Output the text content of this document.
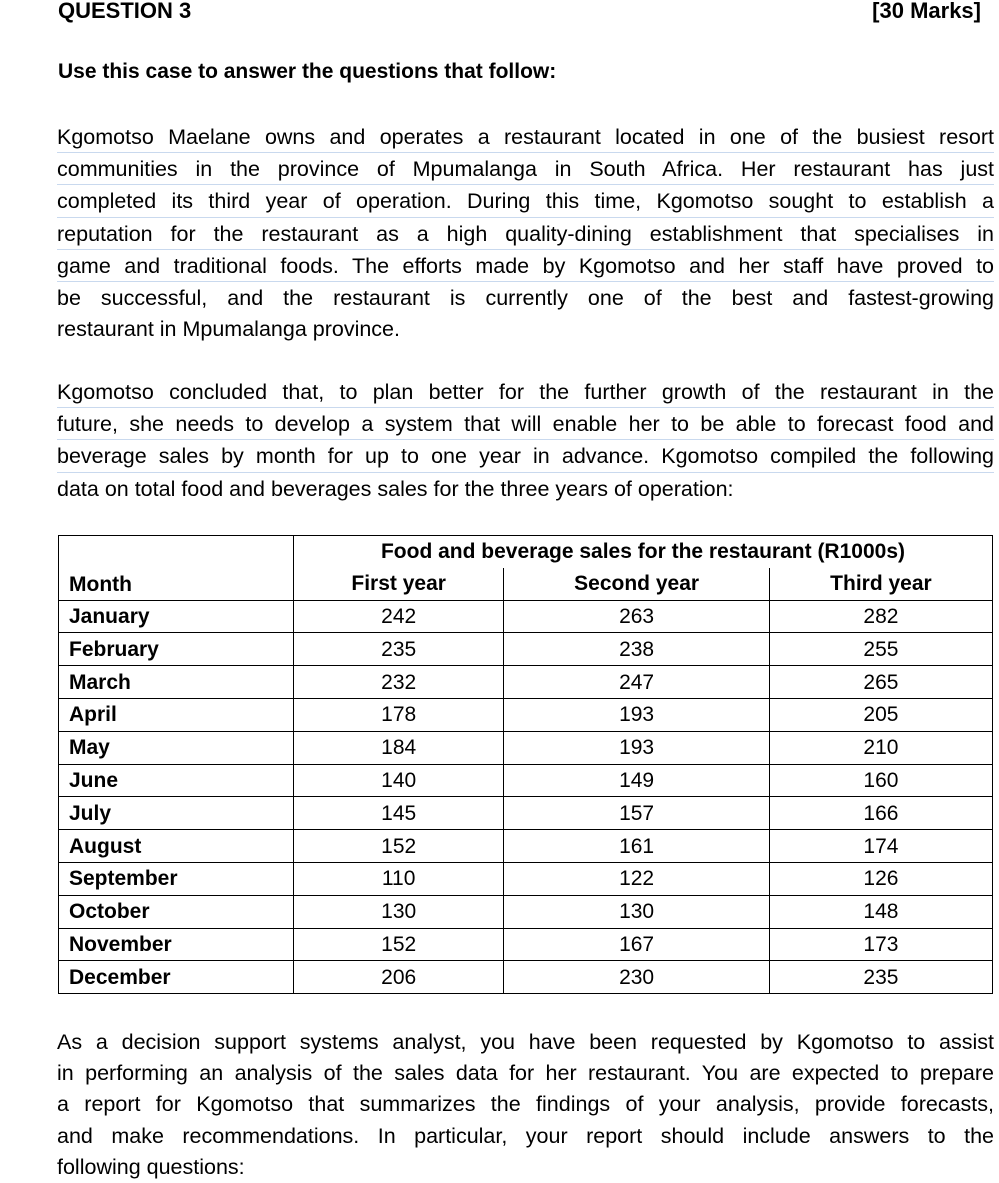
QUESTION 3	[30 Marks]
Use this case to answer the questions that follow:
Kgomotso Maelane owns and operates a restaurant located in one of the busiest resort
communities in the province of Mpumalanga in South Africa. Her restaurant has just
completed its third year of operation. During this time, Kgomotso sought to establish a
reputation for the restaurant as a high quality-dining establishment that specialises in
game and traditional foods. The efforts made by Kgomotso and her staff have proved to
be successful, and the restaurant is currently one of the best and fastest-growing
restaurant in Mpumalanga province.
Kgomotso concluded that, to plan better for the further growth of the restaurant in the
future, she needs to develop a system that will enable her to be able to forecast food and
beverage sales by month for up to one year in advance. Kgomotso compiled the following
data on total food and beverages sales for the three years of operation:
	Food and beverage sales for the restaurant (R1000s)		
Month	First year	Second year	Third year
January	242	263	282
February	235	238	255
March	232	247	265
April	178	193	205
May	184	193	210
June	140	149	160
July	145	157	166
August	152	161	174
September	110	122	126
October	130	130	148
November	152	167	173
December	206	230	235
As a decision support systems analyst, you have been requested by Kgomotso to assist
in performing an analysis of the sales data for her restaurant. You are expected to prepare
a report for Kgomotso that summarizes the findings of your analysis, provide forecasts,
and make recommendations. In particular, your report should include answers to the
following questions:
